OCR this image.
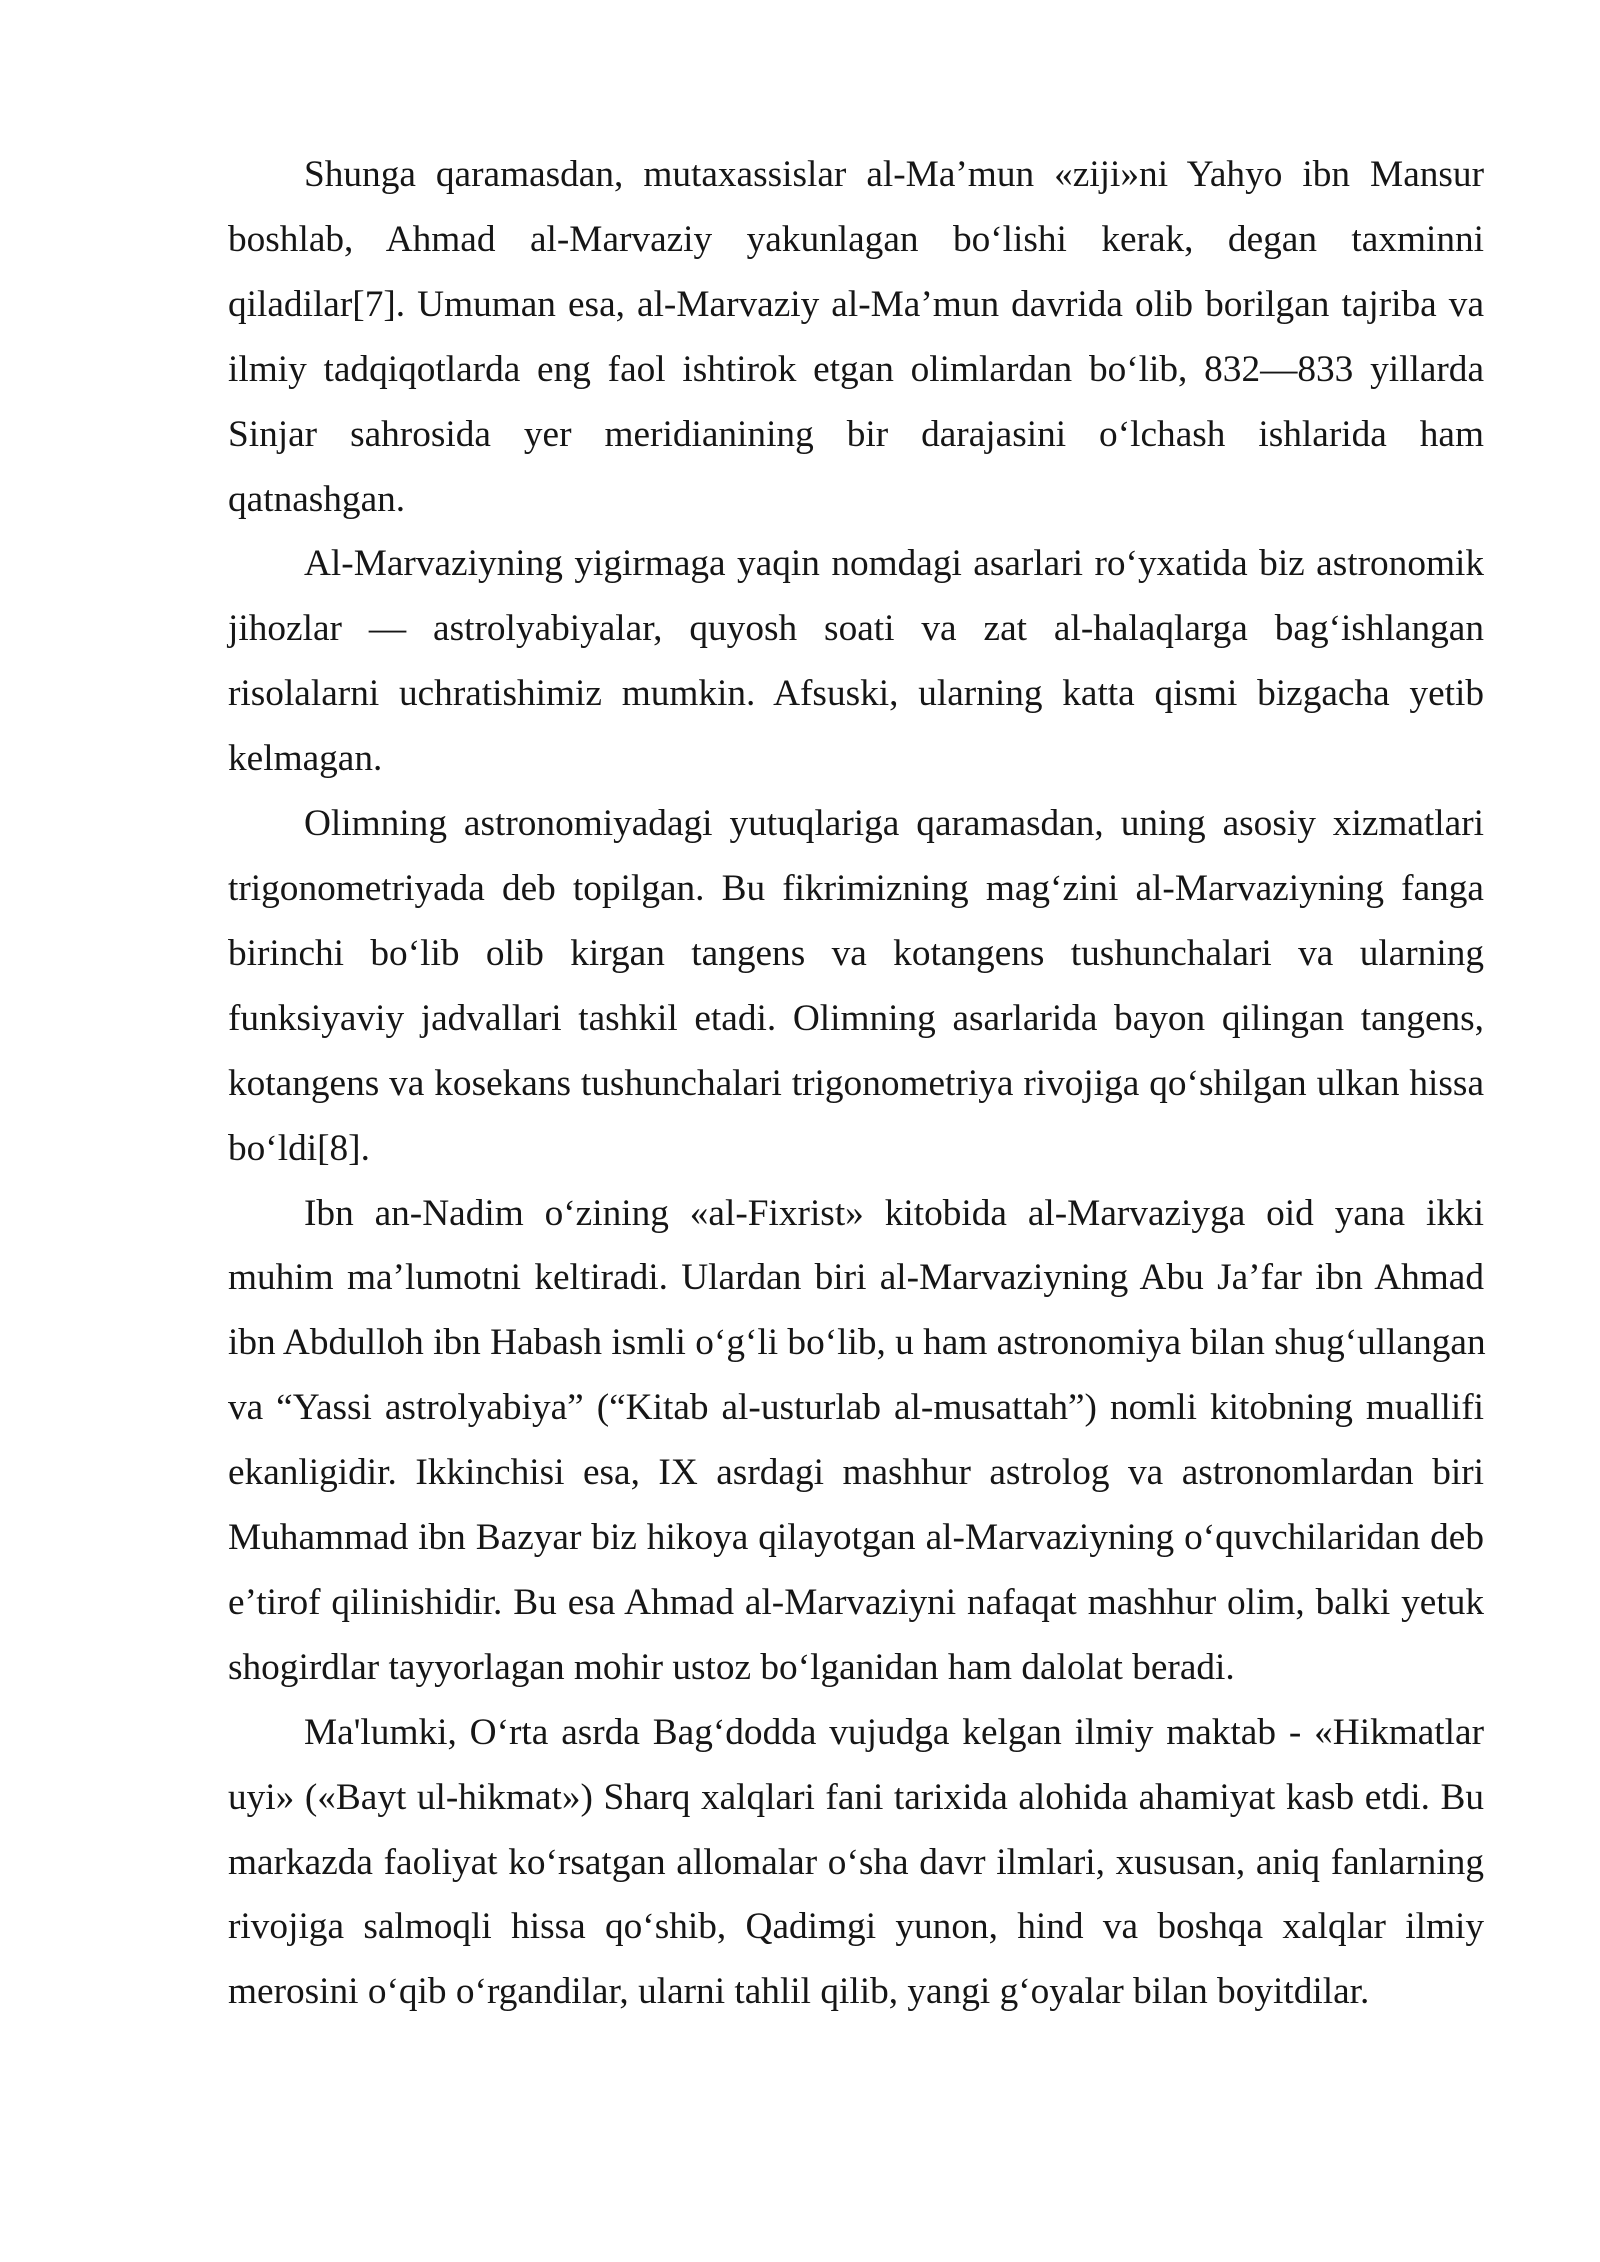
Shunga qaramasdan, mutaxassislar al-Ma’mun «ziji»ni Yahyo ibn Mansur
boshlab, Ahmad al-Marvaziy yakunlagan bo‘lishi kerak, degan taxminni
qiladilar[7]. Umuman esa, al-Marvaziy al-Ma’mun davrida olib borilgan tajriba va
ilmiy tadqiqotlarda eng faol ishtirok etgan olimlardan bo‘lib, 832—833 yillarda
Sinjar sahrosida yer meridianining bir darajasini o‘lchash ishlarida ham
qatnashgan.
Al-Marvaziyning yigirmaga yaqin nomdagi asarlari ro‘yxatida biz astronomik
jihozlar — astrolyabiyalar, quyosh soati va zat al-halaqlarga bag‘ishlangan
risolalarni uchratishimiz mumkin. Afsuski, ularning katta qismi bizgacha yetib
kelmagan.
Olimning astronomiyadagi yutuqlariga qaramasdan, uning asosiy xizmatlari
trigonometriyada deb topilgan. Bu fikrimizning mag‘zini al-Marvaziyning fanga
birinchi bo‘lib olib kirgan tangens va kotangens tushunchalari va ularning
funksiyaviy jadvallari tashkil etadi. Olimning asarlarida bayon qilingan tangens,
kotangens va kosekans tushunchalari trigonometriya rivojiga qo‘shilgan ulkan hissa
bo‘ldi[8].
Ibn an-Nadim o‘zining «al-Fixrist» kitobida al-Marvaziyga oid yana ikki
muhim ma’lumotni keltiradi. Ulardan biri al-Marvaziyning Abu Ja’far ibn Ahmad
ibn Abdulloh ibn Habash ismli o‘g‘li bo‘lib, u ham astronomiya bilan shug‘ullangan
va “Yassi astrolyabiya” (“Kitab al-usturlab al-musattah”) nomli kitobning muallifi
ekanligidir. Ikkinchisi esa, IX asrdagi mashhur astrolog va astronomlardan biri
Muhammad ibn Bazyar biz hikoya qilayotgan al-Marvaziyning o‘quvchilaridan deb
e’tirof qilinishidir. Bu esa Ahmad al-Marvaziyni nafaqat mashhur olim, balki yetuk
shogirdlar tayyorlagan mohir ustoz bo‘lganidan ham dalolat beradi.
Ma'lumki, O‘rta asrda Bag‘dodda vujudga kelgan ilmiy maktab - «Hikmatlar
uyi» («Bayt ul-hikmat») Sharq xalqlari fani tarixida alohida ahamiyat kasb etdi. Bu
markazda faoliyat ko‘rsatgan allomalar o‘sha davr ilmlari, xususan, aniq fanlarning
rivojiga salmoqli hissa qo‘shib, Qadimgi yunon, hind va boshqa xalqlar ilmiy
merosini o‘qib o‘rgandilar, ularni tahlil qilib, yangi g‘oyalar bilan boyitdilar.
